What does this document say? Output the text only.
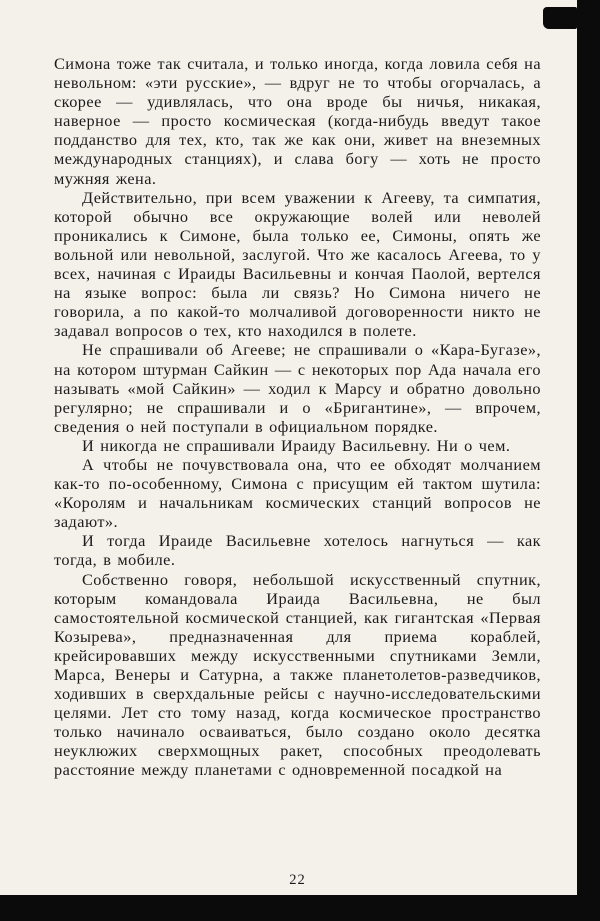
Симона тоже так считала, и только иногда, когда ловила себя на невольном: «эти русские», — вдруг не то чтобы огорчалась, а скорее — удивлялась, что она вроде бы ничья, никакая, наверное — просто космическая (когда-нибудь введут такое подданство для тех, кто, так же как они, живет на внеземных международных станциях), и слава богу — хоть не просто мужняя жена.

Действительно, при всем уважении к Агееву, та симпатия, которой обычно все окружающие волей или неволей проникались к Симоне, была только ее, Симоны, опять же вольной или невольной, заслугой. Что же касалось Агеева, то у всех, начиная с Ираиды Васильевны и кончая Паолой, вертелся на языке вопрос: была ли связь? Но Симона ничего не говорила, а по какой-то молчаливой договоренности никто не задавал вопросов о тех, кто находился в полете.

Не спрашивали об Агееве; не спрашивали о «Кара-Бугазе», на котором штурман Сайкин — с некоторых пор Ада начала его называть «мой Сайкин» — ходил к Марсу и обратно довольно регулярно; не спрашивали и о «Бригантине», — впрочем, сведения о ней поступали в официальном порядке.

И никогда не спрашивали Ираиду Васильевну. Ни о чем.

А чтобы не почувствовала она, что ее обходят молчанием как-то по-особенному, Симона с присущим ей тактом шутила: «Королям и начальникам космических станций вопросов не задают».

И тогда Ираиде Васильевне хотелось нагнуться — как тогда, в мобиле.

Собственно говоря, небольшой искусственный спутник, которым командовала Ираида Васильевна, не был самостоятельной космической станцией, как гигантская «Первая Козырева», предназначенная для приема кораблей, крейсировавших между искусственными спутниками Земли, Марса, Венеры и Сатурна, а также планетолетов-разведчиков, ходивших в сверхдальные рейсы с научно-исследовательскими целями. Лет сто тому назад, когда космическое пространство только начинало осваиваться, было создано около десятка неуклюжих сверхмощных ракет, способных преодолевать расстояние между планетами с одновременной посадкой на

22
